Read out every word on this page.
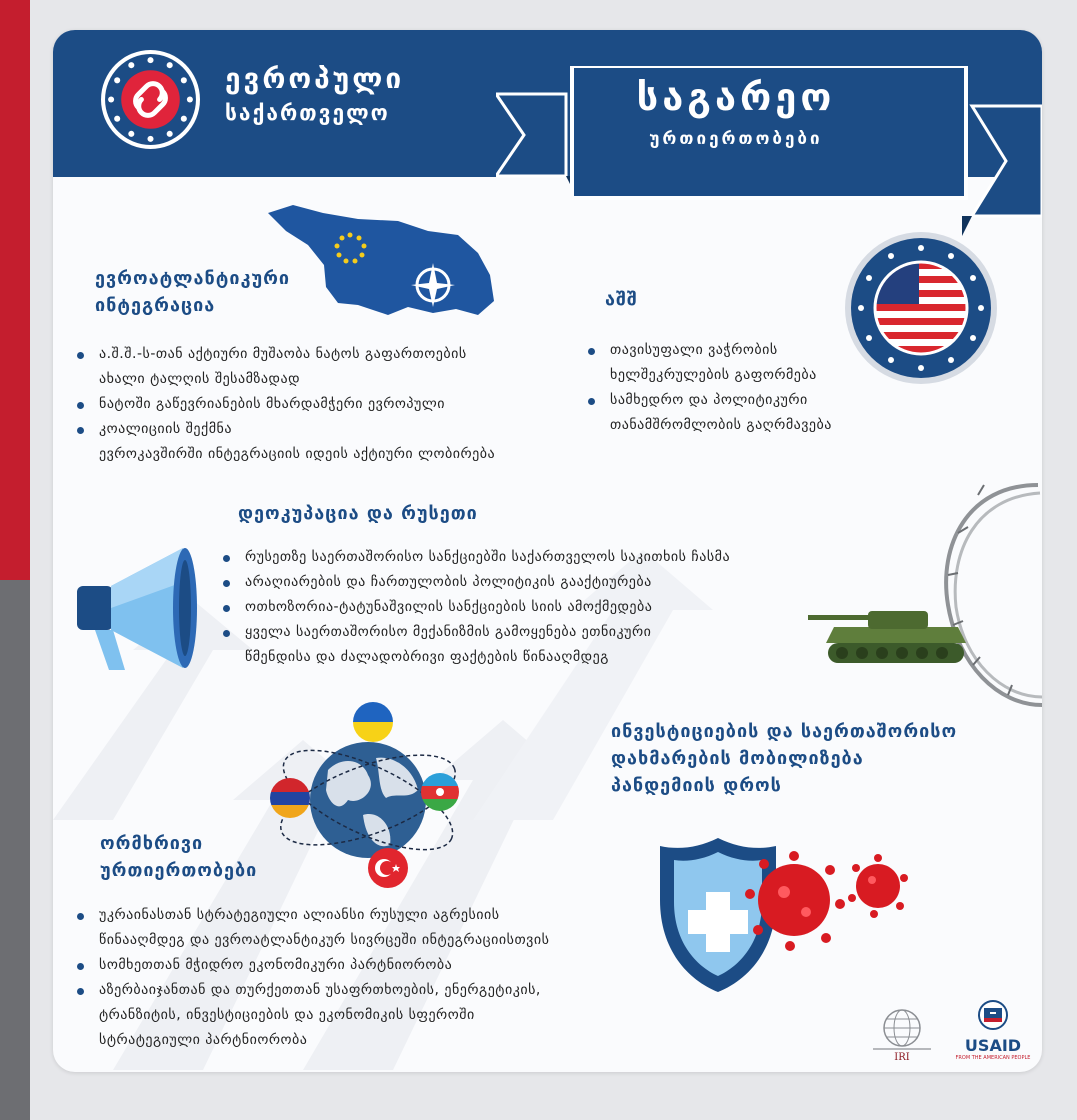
ევროპული
საქართველო	საგარეო
ურთიერთობები
ევროატლანტიკური
ინტეგრაცია
ა.შ.შ.-ს-თან აქტიური მუშაობა ნატოს გაფართოების
ახალი ტალღის შესამზადად
ნატოში გაწევრიანების მხარდამჭერი ევროპული
კოალიციის შექმნა
ევროკავშირში ინტეგრაციის იდეის აქტიური ლობირება
აშშ
თავისუფალი ვაჭრობის
ხელშეკრულების გაფორმება
სამხედრო და პოლიტიკური
თანამშრომლობის გაღრმავება
დეოკუპაცია და რუსეთი
რუსეთზე საერთაშორისო სანქციებში საქართველოს საკითხის ჩასმა
არაღიარების და ჩართულობის პოლიტიკის გააქტიურება
ოთხოზორია-ტატუნაშვილის სანქციების სიის ამოქმედება
ყველა საერთაშორისო მექანიზმის გამოყენება ეთნიკური
წმენდისა და ძალადობრივი ფაქტების წინააღმდეგ
ორმხრივი
ურთიერთობები
უკრაინასთან სტრატეგიული ალიანსი რუსული აგრესიის
წინააღმდეგ და ევროატლანტიკურ სივრცეში ინტეგრაციისთვის
სომხეთთან მჭიდრო ეკონომიკური პარტნიორობა
აზერბაიჯანთან და თურქეთთან უსაფრთხოების, ენერგეტიკის,
ტრანზიტის, ინვესტიციების და ეკონომიკის სფეროში
სტრატეგიული პარტნიორობა
ინვესტიციების და საერთაშორისო
დახმარების მობილიზება
პანდემიის დროს
IRI
USAID
FROM THE AMERICAN PEOPLE
